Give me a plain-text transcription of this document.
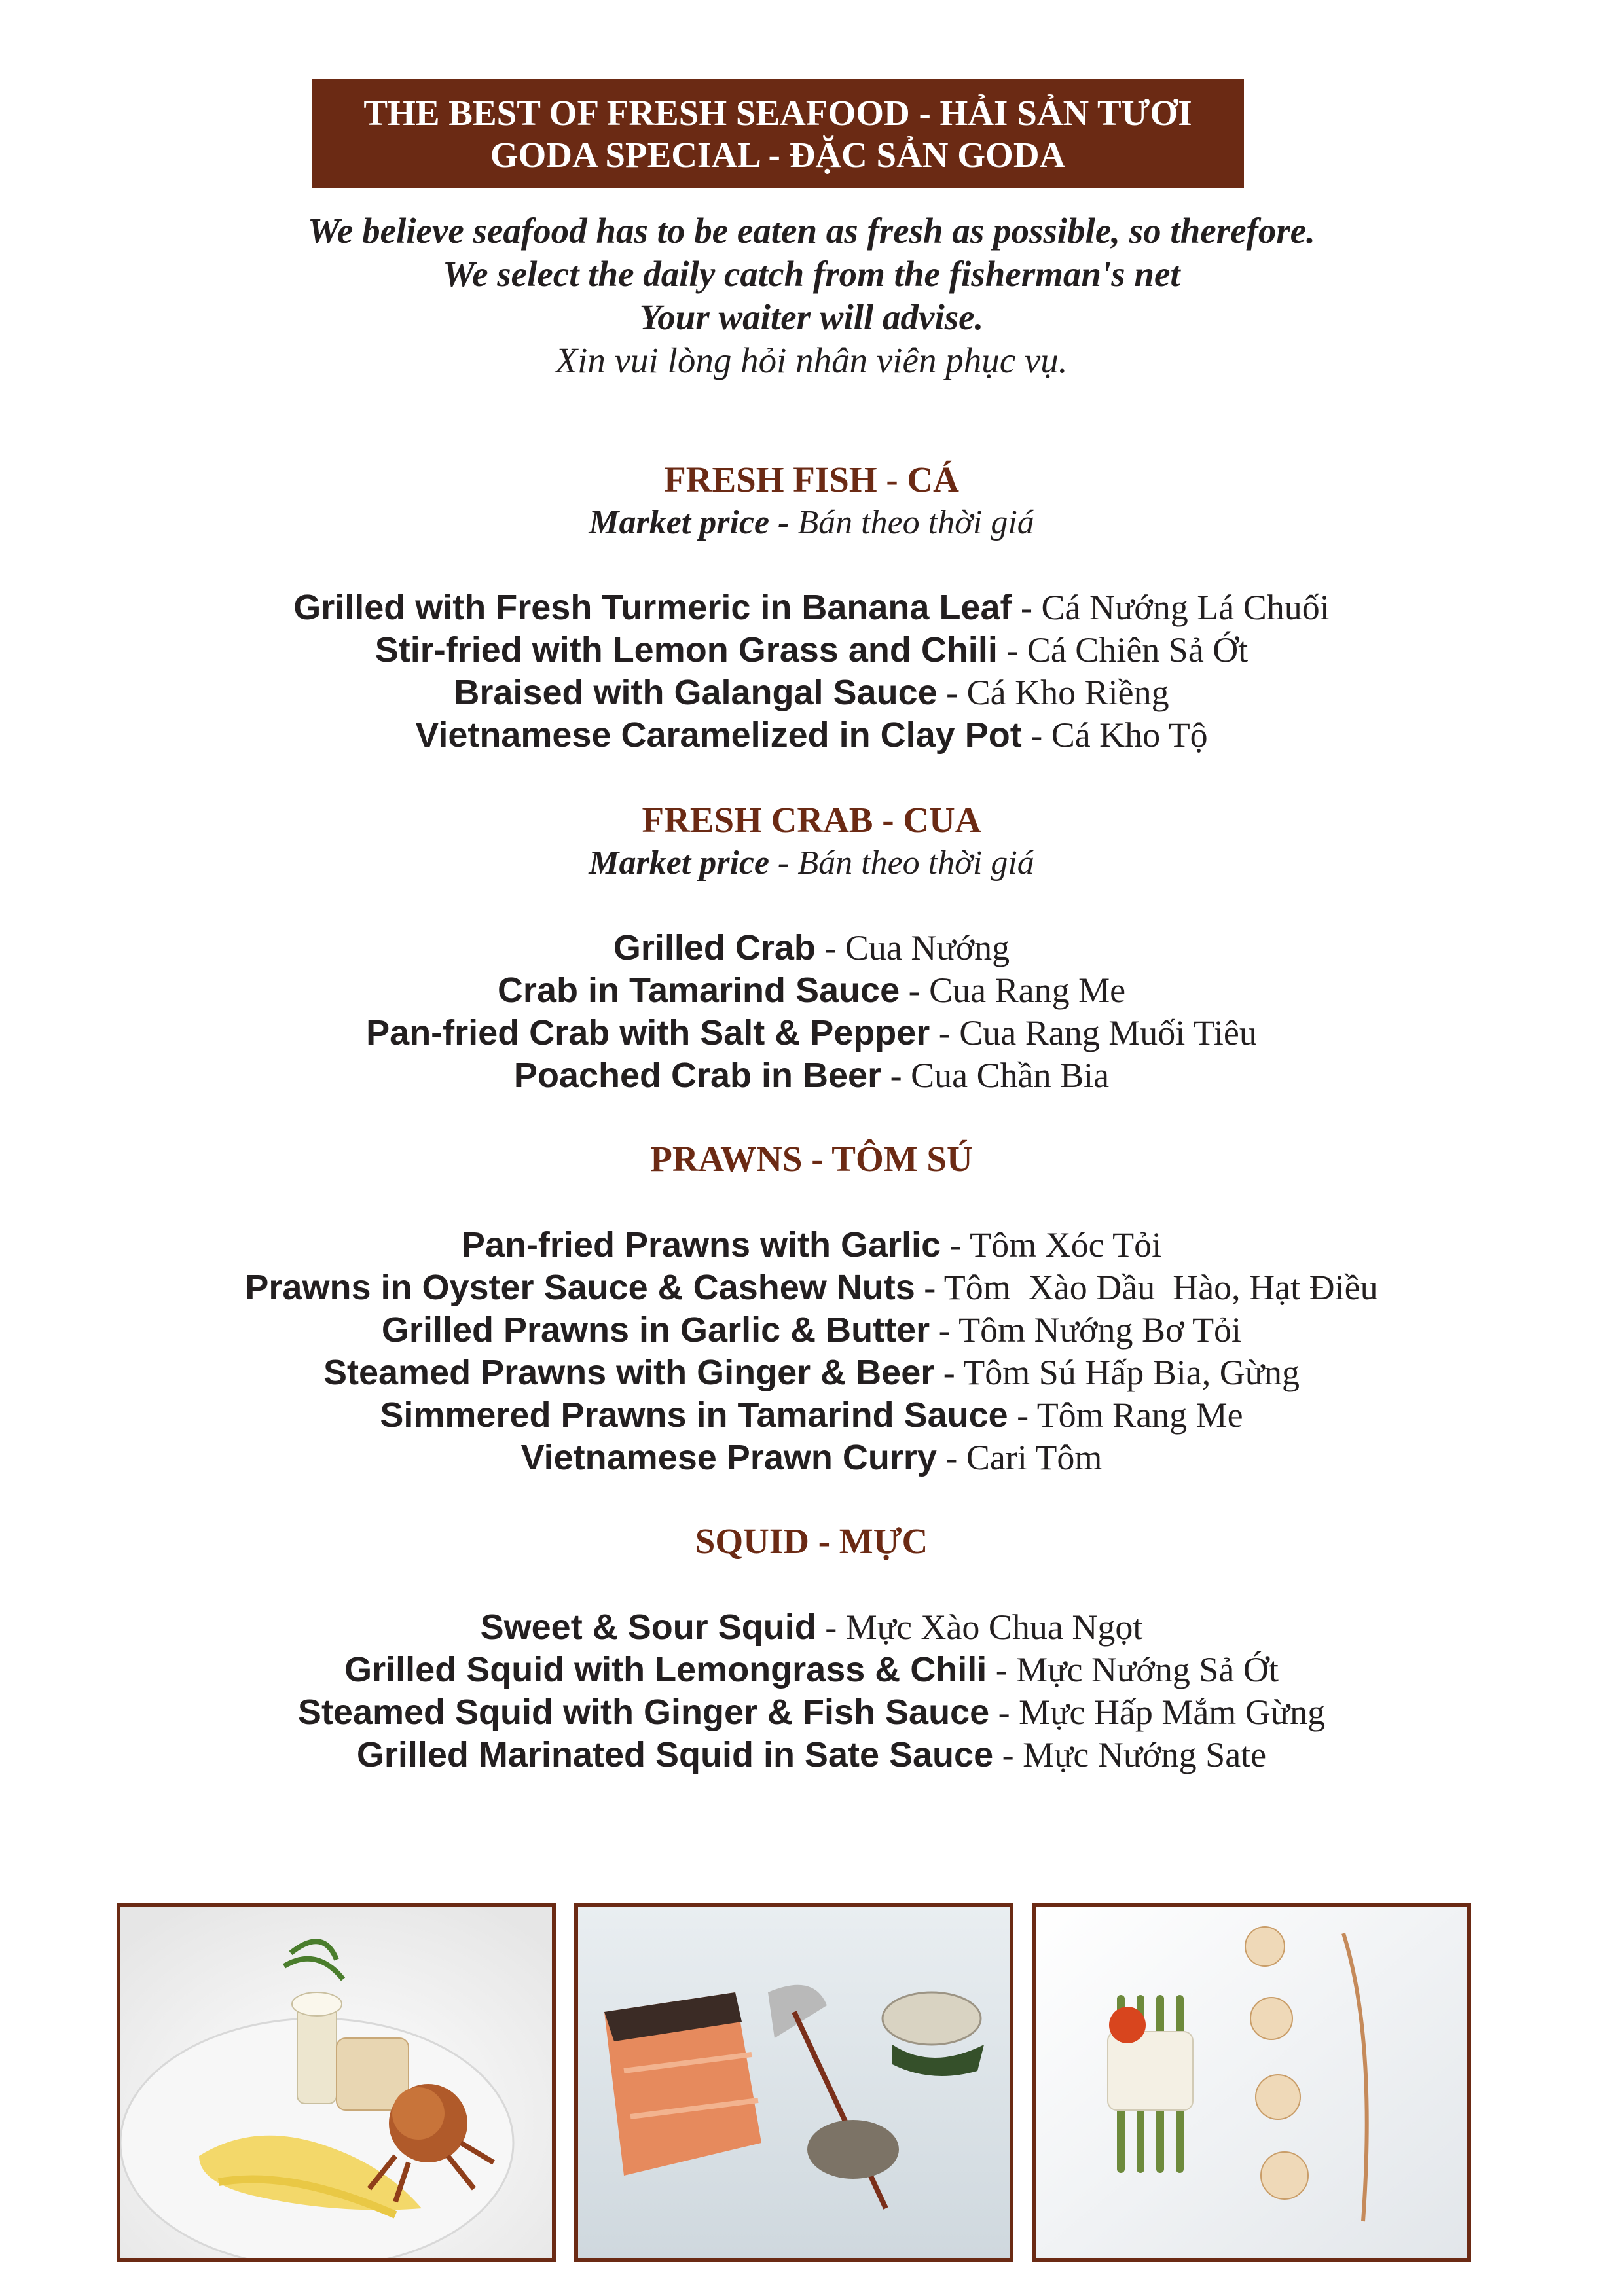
THE BEST OF FRESH SEAFOOD - HẢI SẢN TƯƠI
GODA SPECIAL - ĐẶC SẢN GODA
We believe seafood has to be eaten as fresh as possible, so therefore.
We select the daily catch from the fisherman's net
Your waiter will advise.
Xin vui lòng hỏi nhân viên phục vụ.
FRESH FISH - CÁ
Market price - Bán theo thời giá
Grilled with Fresh Turmeric in Banana Leaf - Cá Nướng Lá Chuối
Stir-fried with Lemon Grass and Chili - Cá Chiên Sả Ớt
Braised with Galangal Sauce - Cá Kho Riềng
Vietnamese Caramelized in Clay Pot - Cá Kho Tộ
FRESH CRAB - CUA
Market price - Bán theo thời giá
Grilled Crab - Cua Nướng
Crab in Tamarind Sauce - Cua Rang Me
Pan-fried Crab with Salt & Pepper - Cua Rang Muối Tiêu
Poached Crab in Beer - Cua Chần Bia
PRAWNS - TÔM SÚ
Pan-fried Prawns with Garlic - Tôm Xóc Tỏi
Prawns in Oyster Sauce & Cashew Nuts - Tôm  Xào Dầu  Hào, Hạt Điều
Grilled Prawns in Garlic & Butter - Tôm Nướng Bơ Tỏi
Steamed Prawns with Ginger & Beer - Tôm Sú Hấp Bia, Gừng
Simmered Prawns in Tamarind Sauce - Tôm Rang Me
Vietnamese Prawn Curry - Cari Tôm
SQUID - MỰC
Sweet & Sour Squid - Mực Xào Chua Ngọt
Grilled Squid with Lemongrass & Chili - Mực Nướng Sả Ớt
Steamed Squid with Ginger & Fish Sauce - Mực Hấp Mắm Gừng
Grilled Marinated Squid in Sate Sauce - Mực Nướng Sate
